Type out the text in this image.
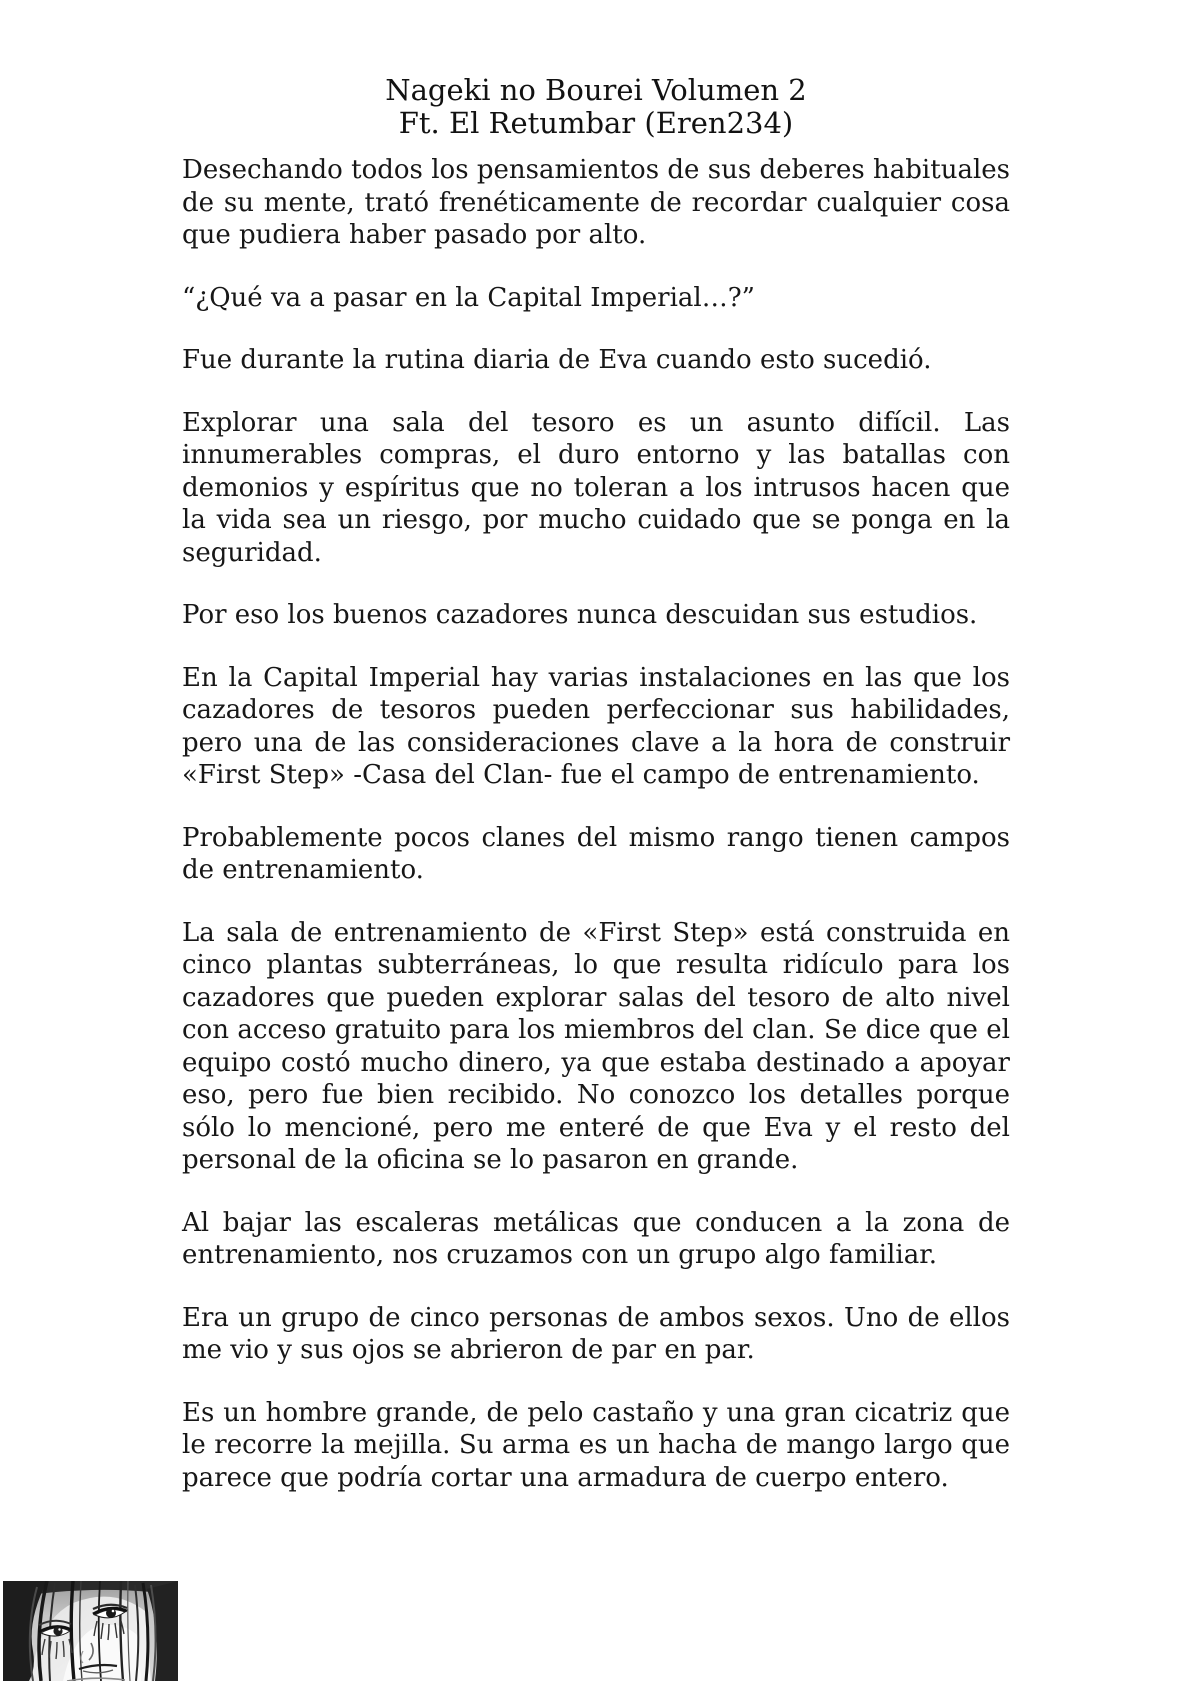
Nageki no Bourei Volumen 2
Ft. El Retumbar (Eren234)

Desechando todos los pensamientos de sus deberes habituales de su mente, trató frenéticamente de recordar cualquier cosa que pudiera haber pasado por alto.

“¿Qué va a pasar en la Capital Imperial…?”

Fue durante la rutina diaria de Eva cuando esto sucedió.

Explorar una sala del tesoro es un asunto difícil. Las innumerables compras, el duro entorno y las batallas con demonios y espíritus que no toleran a los intrusos hacen que la vida sea un riesgo, por mucho cuidado que se ponga en la seguridad.

Por eso los buenos cazadores nunca descuidan sus estudios.

En la Capital Imperial hay varias instalaciones en las que los cazadores de tesoros pueden perfeccionar sus habilidades, pero una de las consideraciones clave a la hora de construir «First Step» -Casa del Clan- fue el campo de entrenamiento.

Probablemente pocos clanes del mismo rango tienen campos de entrenamiento.

La sala de entrenamiento de «First Step» está construida en cinco plantas subterráneas, lo que resulta ridículo para los cazadores que pueden explorar salas del tesoro de alto nivel con acceso gratuito para los miembros del clan. Se dice que el equipo costó mucho dinero, ya que estaba destinado a apoyar eso, pero fue bien recibido. No conozco los detalles porque sólo lo mencioné, pero me enteré de que Eva y el resto del personal de la oficina se lo pasaron en grande.

Al bajar las escaleras metálicas que conducen a la zona de entrenamiento, nos cruzamos con un grupo algo familiar.

Era un grupo de cinco personas de ambos sexos. Uno de ellos me vio y sus ojos se abrieron de par en par.

Es un hombre grande, de pelo castaño y una gran cicatriz que le recorre la mejilla. Su arma es un hacha de mango largo que parece que podría cortar una armadura de cuerpo entero.
